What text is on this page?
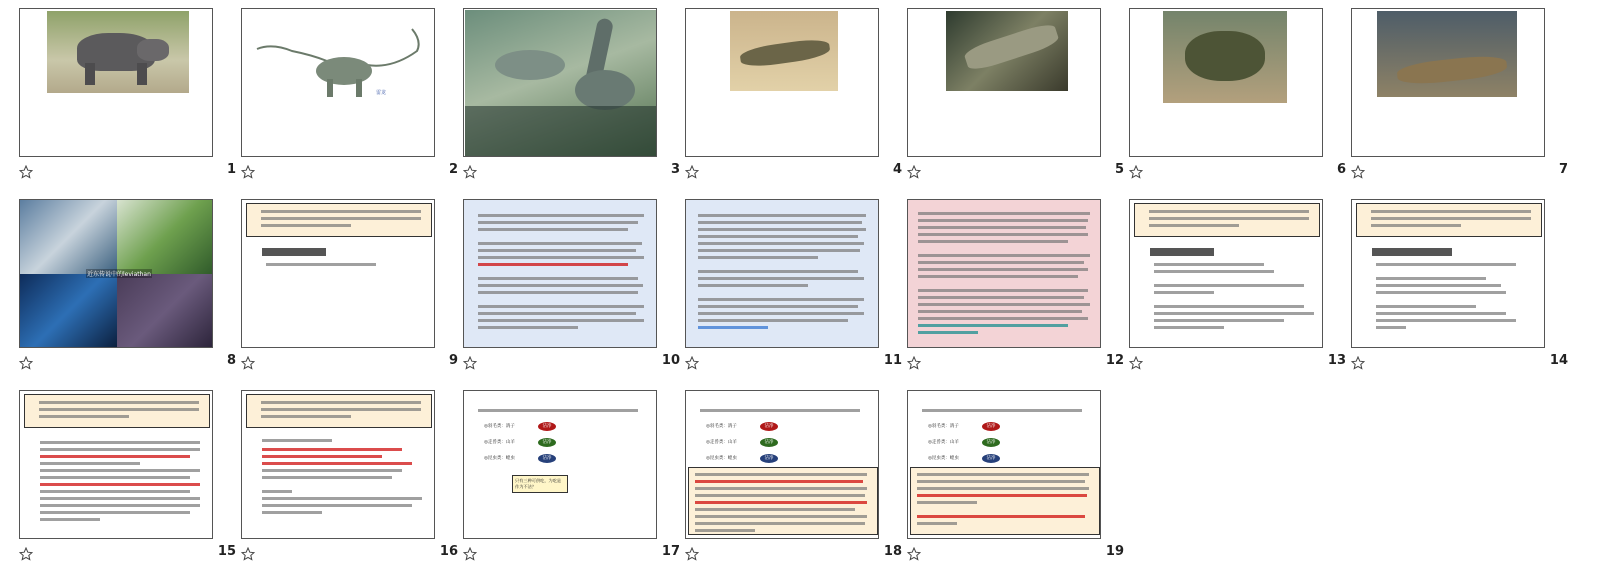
1
雷龙
2	3	4	5	6	7
近东传说中的leviathan
8	9	10	11	12	13	14
15	16
◎羽毛类：鸽子
◎走兽类：山羊
◎昆虫类：蝗虫
洁净
洁净
洁净
只有三种可供吃，为吃是作为不洁？
17
◎羽毛类：鸽子
◎走兽类：山羊
◎昆虫类：蝗虫
洁净
洁净
洁净
18
◎羽毛类：鸽子
◎走兽类：山羊
◎昆虫类：蝗虫
洁净
洁净
洁净
19
